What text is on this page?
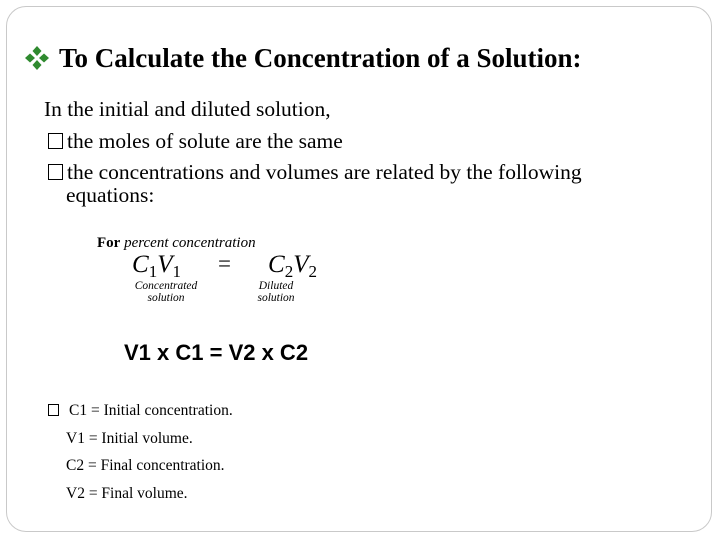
To Calculate the Concentration of a Solution:
In the initial and diluted solution,
the moles of solute are the same
the concentrations and volumes are related by the following
equations:
For percent concentration
$C_1V_1 = C_2V_2$
Concentrated
solution
Diluted
solution
V1 x C1 = V2 x C2
C1 = Initial concentration.
V1 = Initial volume.
C2 = Final concentration.
V2 = Final volume.
